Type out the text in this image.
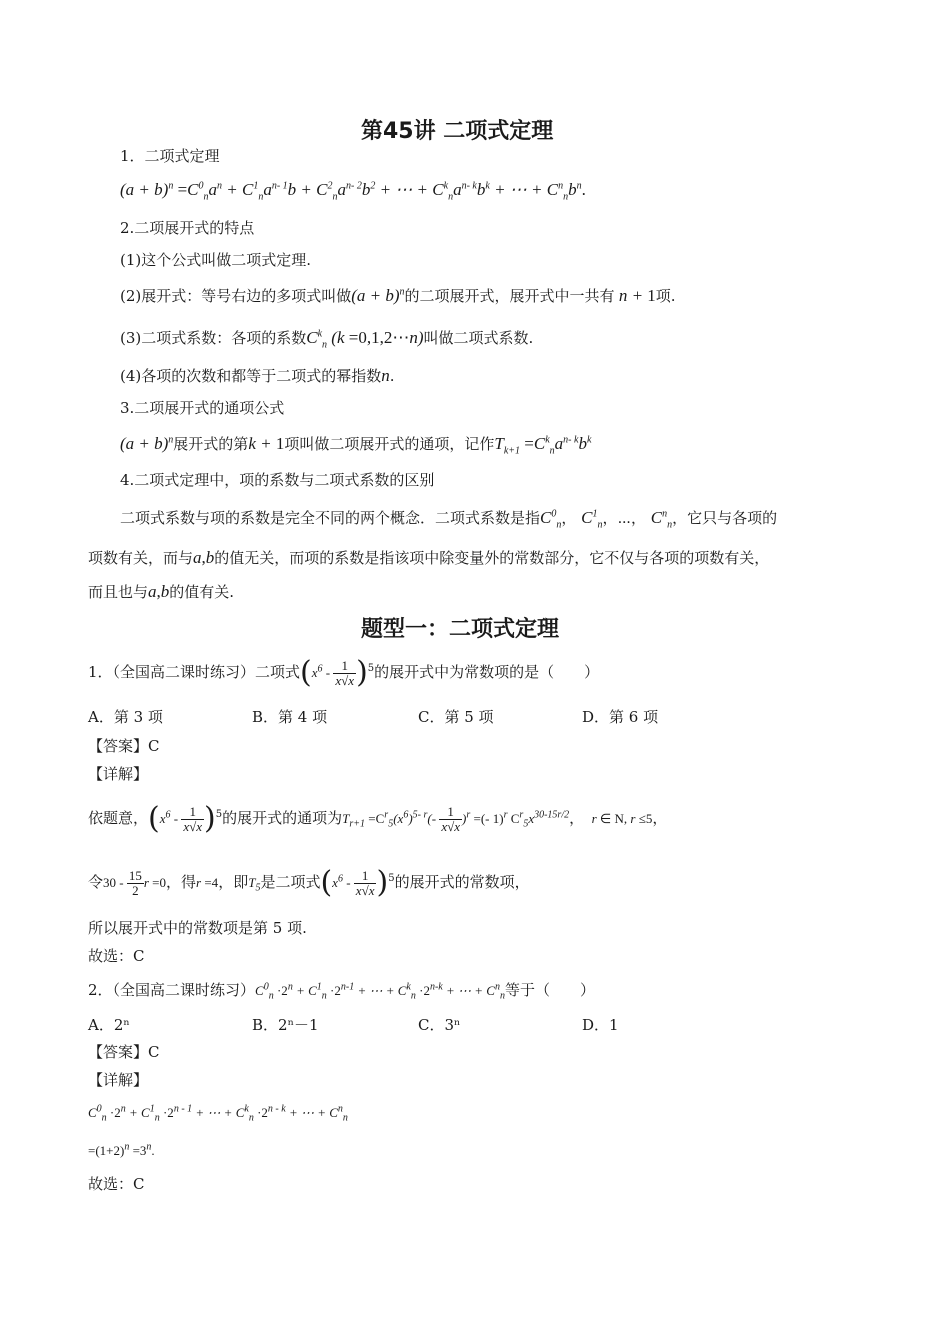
第45讲 二项式定理
1．二项式定理
$(a + b)^n =C^0_na^n + C^1_na^{n- 1}b + C^2_na^{n- 2}b^2$ + ⋯ + $C^k_na^{n- k}b^k$ + ⋯ + $C^n_nb^n$.
2.二项展开式的特点
(1)这个公式叫做二项式定理.
(2)展开式：等号右边的多项式叫做$(a + b)^n$的二项展开式，展开式中一共有 n + 1项.
(3)二项式系数：各项的系数$C^k_n$ (k =0,1,2⋯n)叫做二项式系数.
(4)各项的次数和都等于二项式的幂指数n.
3.二项展开式的通项公式
$(a + b)^n$展开式的第k + 1项叫做二项展开式的通项，记作$T_{k+1} =C^k_na^{n- k}b^k$
4.二项式定理中，项的系数与二项式系数的区别
二项式系数与项的系数是完全不同的两个概念．二项式系数是指$C^0_n$， $C^1_n$，⋯， $C^n_n$，它只与各项的
项数有关，而与a,b的值无关，而项的系数是指该项中除变量外的常数部分，它不仅与各项的项数有关，
而且也与a,b的值有关.
题型一：二项式定理
1．（全国高二课时练习）二项式$(x^6 - \frac{1}{x√x} )^5$的展开式中为常数项的是（　　）
A．第 3 项	B．第 4 项	C．第 5 项	D．第 6 项
【答案】C
【详解】
依题意，$(x^6 - \frac{1}{x√x} )^5$的展开式的通项为$T_{r+1} =C^r_5(x^6)^{5- r}(- \frac{1}{x√x} )^r$ =(- 1)$^r$ $C^r_5x^{30-15r/2}$，　r ∈ N, r ≤5，
令$30 - \frac{15}{2}$ r =0，得r =4，即$T_5$是二项式$(x^6 - \frac{1}{x√x} )^5$的展开式的常数项，
所以展开式中的常数项是第 5 项.
故选：C
2．（全国高二课时练习）$C^0_n \cdot 2^n + C^1_n \cdot 2^{n-1}$ + ⋯ + $C^k_n \cdot 2^{n-k}$ + ⋯ + $C^n_n$等于（　　）
A．2ⁿ	B．2ⁿ－1	C．3ⁿ	D．1
【答案】C
【详解】
$C^0_n \cdot 2^n + C^1_n \cdot 2^{n - 1}$ + ⋯ + $C^k_n \cdot 2^{n - k}$ + ⋯ + $C^n_n$
$=(1+2)^n =3^n$.
故选：C
